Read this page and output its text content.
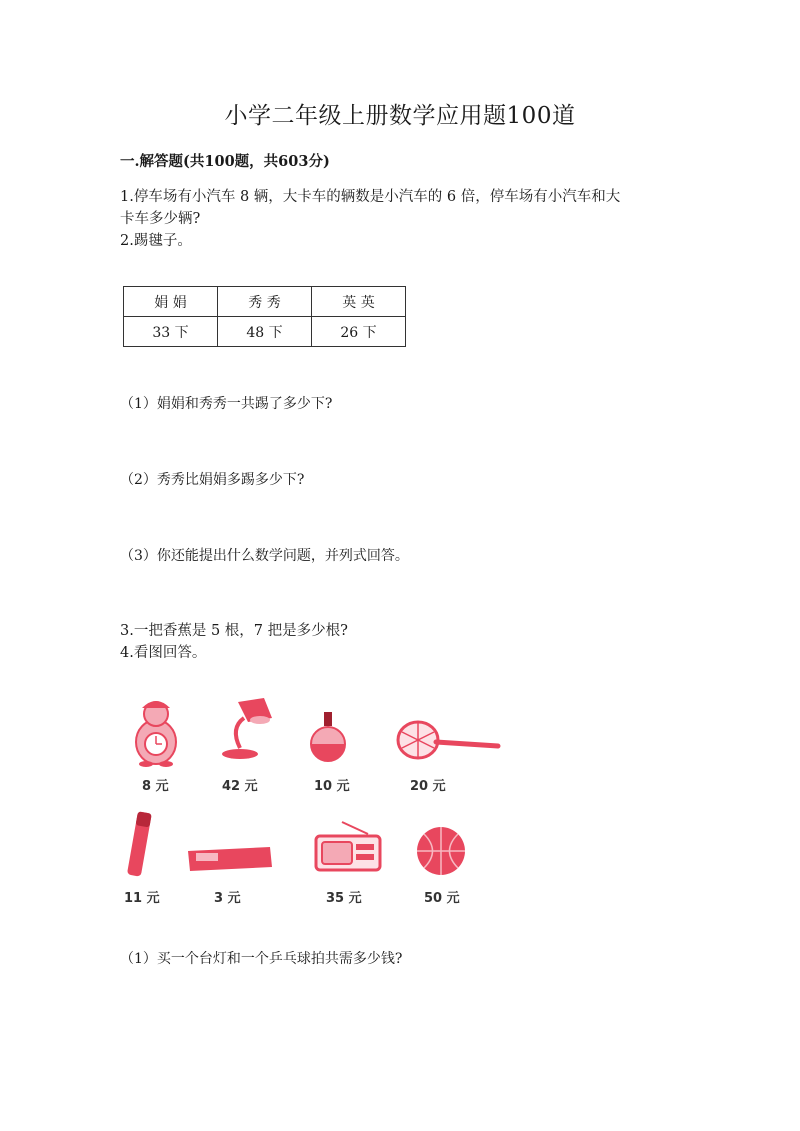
小学二年级上册数学应用题100道
一.解答题(共100题，共603分)
1.停车场有小汽车 8 辆，大卡车的辆数是小汽车的 6 倍，停车场有小汽车和大
卡车多少辆?
2.踢毽子。
娟 娟	秀 秀	英 英
33 下	48 下	26 下
（1）娟娟和秀秀一共踢了多少下?
（2）秀秀比娟娟多踢多少下?
（3）你还能提出什么数学问题，并列式回答。
3.一把香蕉是 5 根，7 把是多少根?
4.看图回答。
8 元	42 元	10 元	20 元
11 元	3 元	35 元	50 元
（1）买一个台灯和一个乒乓球拍共需多少钱?
